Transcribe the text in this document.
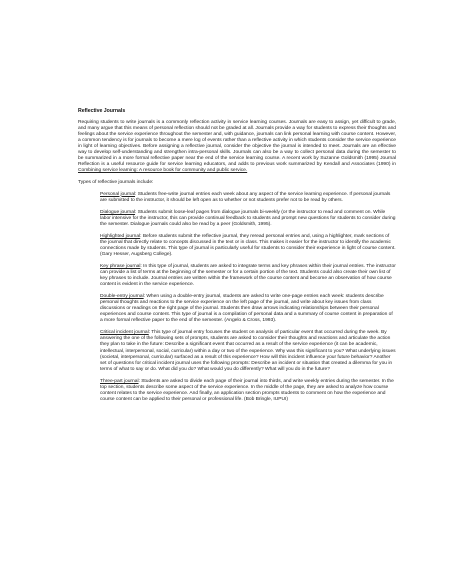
Reflective Journals

Requiring students to write journals is a commonly reflection activity in service learning courses. Journals are easy to assign, yet difficult to grade, and many argue that this means of personal reflection should not be graded at all. Journals provide a way for students to express their thoughts and feelings about the service experience throughout the semester and, with guidance, journals can link personal learning with course content. However, a common tendency is for journals to become a mere log of events rather than a reflective activity in which students consider the service experience in light of learning objectives. Before assigning a reflective journal, consider the objective the journal is intended to meet. Journals are an effective way to develop self-understanding and strengthen intra-personal skills. Journals can also be a way to collect personal data during the semester to be summarized in a more formal reflective paper near the end of the service learning course. A recent work by Suzanne Goldsmith (1995) Journal Reflection is a useful resource guide for service learning educators, and adds to previous work summarized by Kendall and Associates (1990) in Combining service learning: A resource book for community and public service.

Types of reflective journals include:

Personal journal: Students free-write journal entries each week about any aspect of the service learning experience. If personal journals are submitted to the instructor, it should be left open as to whether or not students prefer not to be read by others.
Dialogue journal: Students submit loose-leaf pages from dialogue journals bi-weekly (or the instructor to read and comment on. While labor intensive for the instructor, this can provide continual feedback to students and prompt new questions for students to consider during the semester. Dialogue journals could also be read by a peer (Goldsmith, 1995).
Highlighted journal: Before students submit the reflective journal, they reread personal entries and, using a highlighter, mark sections of the journal that directly relate to concepts discussed in the text or in class. This makes it easier for the instructor to identify the academic connections made by students. This type of journal is particularly useful for students to consider their experience in light of course content. (Gary Hesser, Augsberg College).
Key phrase journal: In this type of journal, students are asked to integrate terms and key phrases within their journal entries. The instructor can provide a list of terms at the beginning of the semester or for a certain portion of the text. Students could also create their own list of key phrases to include. Journal entries are written within the framework of the course content and become an observation of how course content is evident in the service experience.
Double-entry journal: When using a double-entry journal, students are asked to write one-page entries each week: students describe personal thoughts and reactions to the service experience on the left page of the journal, and write about key issues from class discussions or readings on the right page of the journal. Students then draw arrows indicating relationships between their personal experiences and course content. This type of journal is a compilation of personal data and a summary of course content in preparation of a more formal reflective paper to the end of the semester. (Angelo & Cross, 1993).
Critical incident journal: This type of journal entry focuses the student on analysis of particular event that occurred during the week. By answering the one of the following sets of prompts, students are asked to consider their thoughts and reactions and articulate the action they plan to take in the future: Describe a significant event that occurred as a result of the service experience (it can be academic, intellectual, interpersonal, social, curricular) within a day or two of the experience. Why was this significant to you? What underlying issues (societal, interpersonal, curricular) surfaced as a result of this experience? How will this incident influence your future behavior? Another set of questions for critical incident journal uses the following prompts: Describe an incident or situation that created a dilemma for you in terms of what to say or do. What did you do? What would you do differently? What will you do in the future?
Three-part journal: Students are asked to divide each page of their journal into thirds, and write weekly entries during the semester. In the top section, students describe some aspect of the service experience. In the middle of the page, they are asked to analyze how course content relates to the service experience. And finally, an application section prompts students to comment on how the experience and course content can be applied to their personal or professional life. (Bob Bringle, IUPUI)
